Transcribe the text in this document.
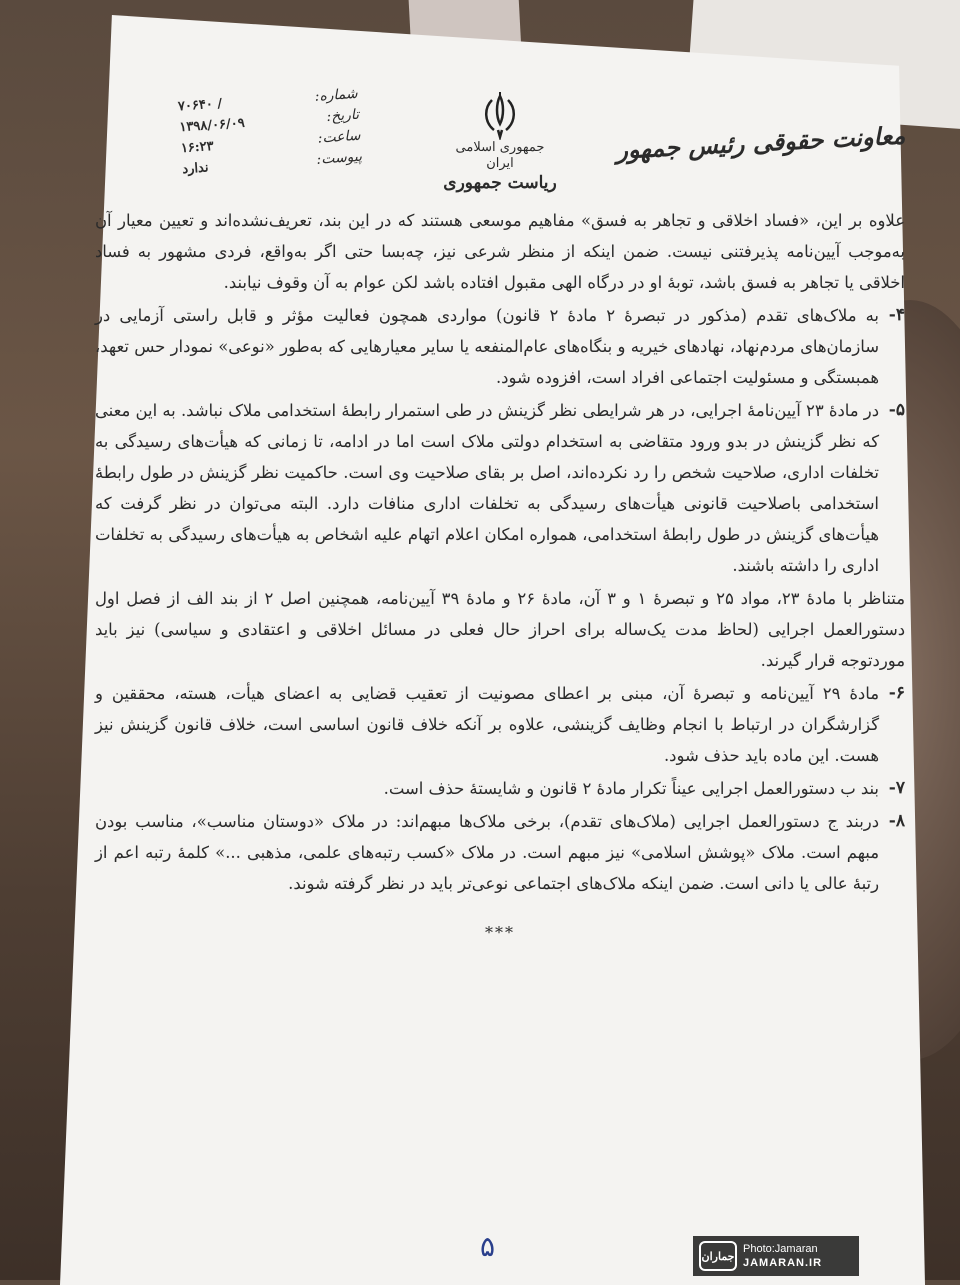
معاونت حقوقی رئیس جمهور
جمهوری اسلامی ایران
ریاست جمهوری
شماره:
۷۰۶۴۰ /
تاریخ:
۱۳۹۸/۰۶/۰۹
ساعت:
۱۶:۲۳
پیوست:
ندارد

علاوه بر این، «فساد اخلاقی و تجاهر به فسق» مفاهیم موسعی هستند که در این بند، تعریف‌نشده‌اند و تعیین معیار آن به‌موجب آیین‌نامه پذیرفتنی نیست. ضمن اینکه از منظر شرعی نیز، چه‌بسا حتی اگر به‌واقع، فردی مشهور به فساد اخلاقی یا تجاهر به فسق باشد، توبهٔ او در درگاه الهی مقبول افتاده باشد لکن عوام به آن وقوف نیابند.

۴-

به ملاک‌های تقدم (مذکور در تبصرهٔ ۲ مادهٔ ۲ قانون) مواردی همچون فعالیت مؤثر و قابل راستی آزمایی در سازمان‌های مردم‌نهاد، نهادهای خیریه و بنگاه‌های عام‌المنفعه یا سایر معیارهایی که به‌طور «نوعی» نمودار حس تعهد، همبستگی و مسئولیت اجتماعی افراد است، افزوده شود.

۵-

در مادهٔ ۲۳ آیین‌نامهٔ اجرایی، در هر شرایطی نظر گزینش در طی استمرار رابطهٔ استخدامی ملاک نباشد. به این معنی که نظر گزینش در بدو ورود متقاضی به استخدام دولتی ملاک است اما در ادامه، تا زمانی که هیأت‌های رسیدگی به تخلفات اداری، صلاحیت شخص را رد نکرده‌اند، اصل بر بقای صلاحیت وی است. حاکمیت نظر گزینش در طول رابطهٔ استخدامی باصلاحیت قانونی هیأت‌های رسیدگی به تخلفات اداری منافات دارد. البته می‌توان در نظر گرفت که هیأت‌های گزینش در طول رابطهٔ استخدامی، همواره امکان اعلام اتهام علیه اشخاص به هیأت‌های رسیدگی به تخلفات اداری را داشته باشند.

متناظر با مادهٔ ۲۳، مواد ۲۵ و تبصرهٔ ۱ و ۳ آن، مادهٔ ۲۶ و مادهٔ ۳۹ آیین‌نامه، همچنین اصل ۲ از بند الف از فصل اول دستورالعمل اجرایی (لحاظ مدت یک‌ساله برای احراز حال فعلی در مسائل اخلاقی و اعتقادی و سیاسی) نیز باید موردتوجه قرار گیرند.

۶-

مادهٔ ۲۹ آیین‌نامه و تبصرهٔ آن، مبنی بر اعطای مصونیت از تعقیب قضایی به اعضای هیأت، هسته، محققین و گزارشگران در ارتباط با انجام وظایف گزینشی، علاوه بر آنکه خلاف قانون اساسی است، خلاف قانون گزینش نیز هست. این ماده باید حذف شود.

۷-

بند ب دستورالعمل اجرایی عیناً تکرار مادهٔ ۲ قانون و شایستهٔ حذف است.

۸-

دربند ج دستورالعمل اجرایی (ملاک‌های تقدم)، برخی ملاک‌ها مبهم‌اند: در ملاک «دوستان مناسب»، مناسب بودن مبهم است. ملاک «پوشش اسلامی» نیز مبهم است. در ملاک «کسب رتبه‌های علمی، مذهبی ...» کلمهٔ رتبه اعم از رتبهٔ عالی یا دانی است. ضمن اینکه ملاک‌های اجتماعی نوعی‌تر باید در نظر گرفته شوند.

***
۵	جماران
Photo:Jamaran
JAMARAN.IR
